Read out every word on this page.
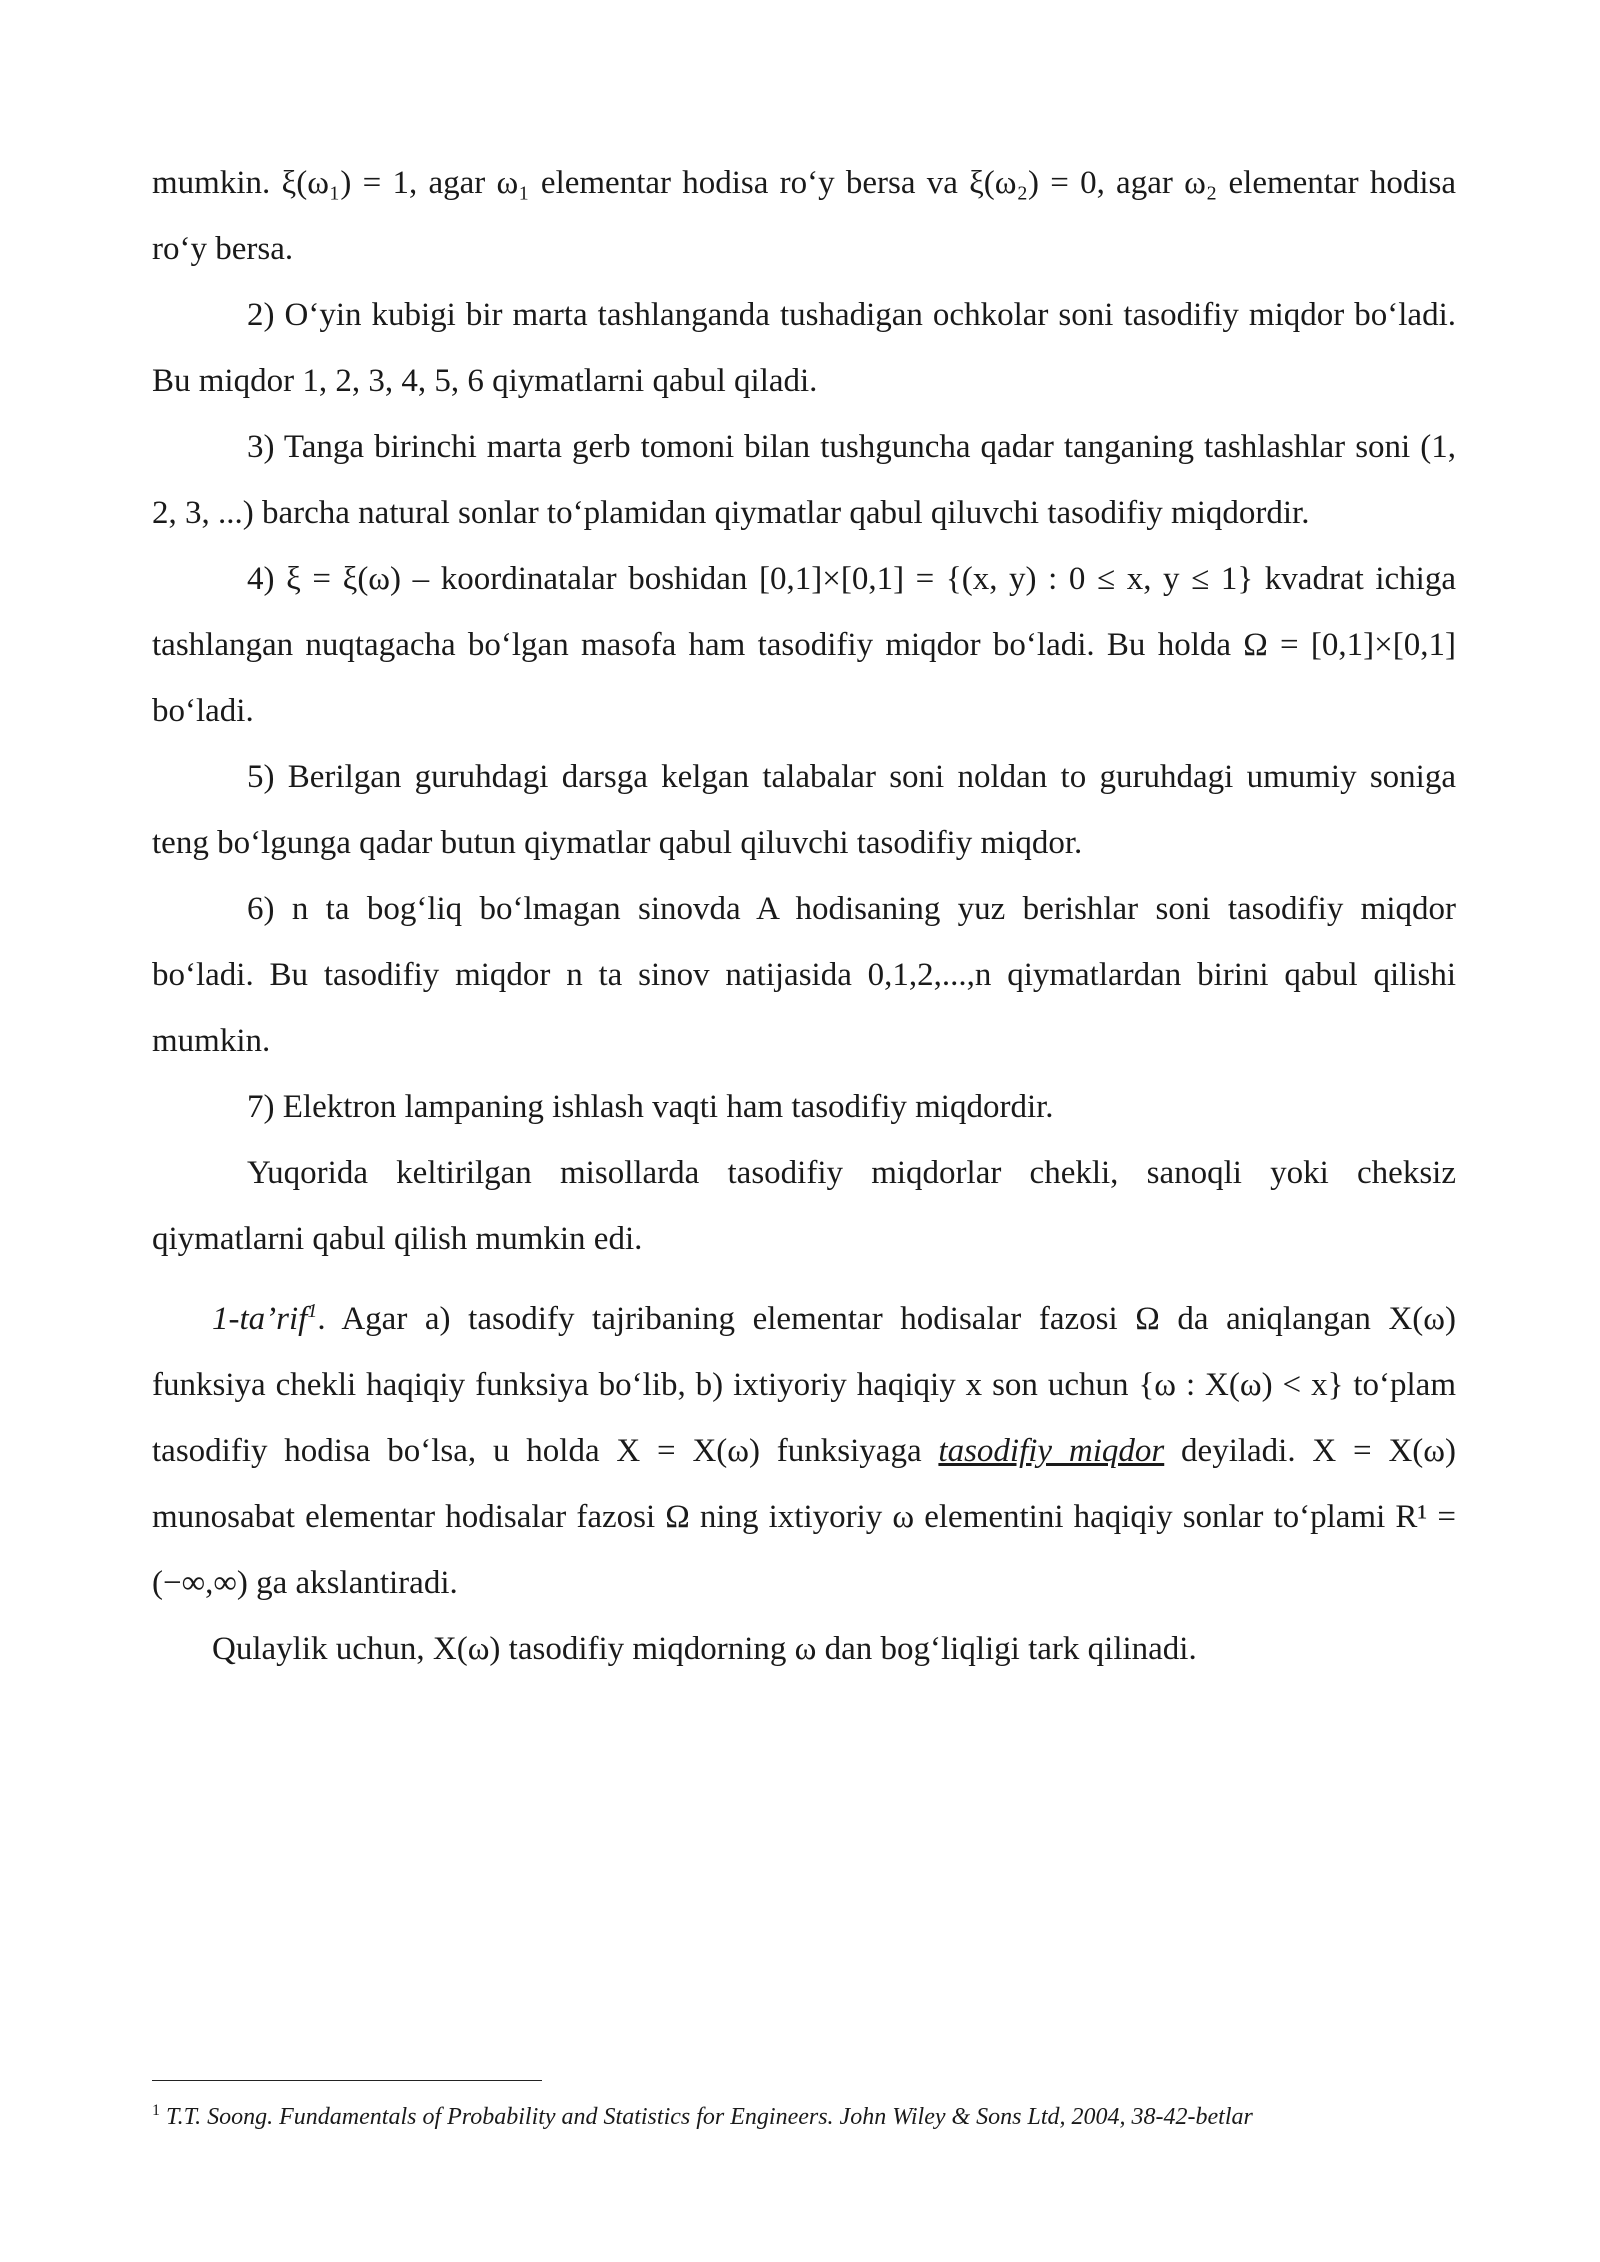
mumkin. ξ(ω₁) = 1, agar ω₁ elementar hodisa ro‘y bersa va ξ(ω₂) = 0, agar ω₂ elementar hodisa ro‘y bersa.

2) O‘yin kubigi bir marta tashlanganda tushadigan ochkolar soni tasodifiy miqdor bo‘ladi. Bu miqdor 1, 2, 3, 4, 5, 6 qiymatlarni qabul qiladi.

3) Tanga birinchi marta gerb tomoni bilan tushguncha qadar tanganing tashlashlar soni (1, 2, 3, ...) barcha natural sonlar to‘plamidan qiymatlar qabul qiluvchi tasodifiy miqdordir.

4) ξ = ξ(ω) – koordinatalar boshidan [0,1]×[0,1] = {(x, y) : 0 ≤ x, y ≤ 1} kvadrat ichiga tashlangan nuqtagacha bo‘lgan masofa ham tasodifiy miqdor bo‘ladi. Bu holda Ω = [0,1]×[0,1] bo‘ladi.

5) Berilgan guruhdagi darsga kelgan talabalar soni noldan to guruhdagi umumiy soniga teng bo‘lgunga qadar butun qiymatlar qabul qiluvchi tasodifiy miqdor.

6) n ta bog‘liq bo‘lmagan sinovda A hodisaning yuz berishlar soni tasodifiy miqdor bo‘ladi. Bu tasodifiy miqdor n ta sinov natijasida 0,1,2,...,n qiymatlardan birini qabul qilishi mumkin.

7) Elektron lampaning ishlash vaqti ham tasodifiy miqdordir.

Yuqorida keltirilgan misollarda tasodifiy miqdorlar chekli, sanoqli yoki cheksiz qiymatlarni qabul qilish mumkin edi.

1-ta’rif$^1$. Agar a) tasodify tajribaning elementar hodisalar fazosi Ω da aniqlangan X(ω) funksiya chekli haqiqiy funksiya bo‘lib, b) ixtiyoriy haqiqiy x son uchun {ω : X(ω) < x} to‘plam tasodifiy hodisa bo‘lsa, u holda X = X(ω) funksiyaga tasodifiy miqdor deyiladi. X = X(ω) munosabat elementar hodisalar fazosi Ω ning ixtiyoriy ω elementini haqiqiy sonlar to‘plami R¹ = (−∞,∞) ga akslantiradi.

Qulaylik uchun, X(ω) tasodifiy miqdorning ω dan bog‘liqligi tark qilinadi.

$^1$ T.T. Soong. Fundamentals of Probability and Statistics for Engineers. John Wiley & Sons Ltd, 2004, 38-42-betlar
